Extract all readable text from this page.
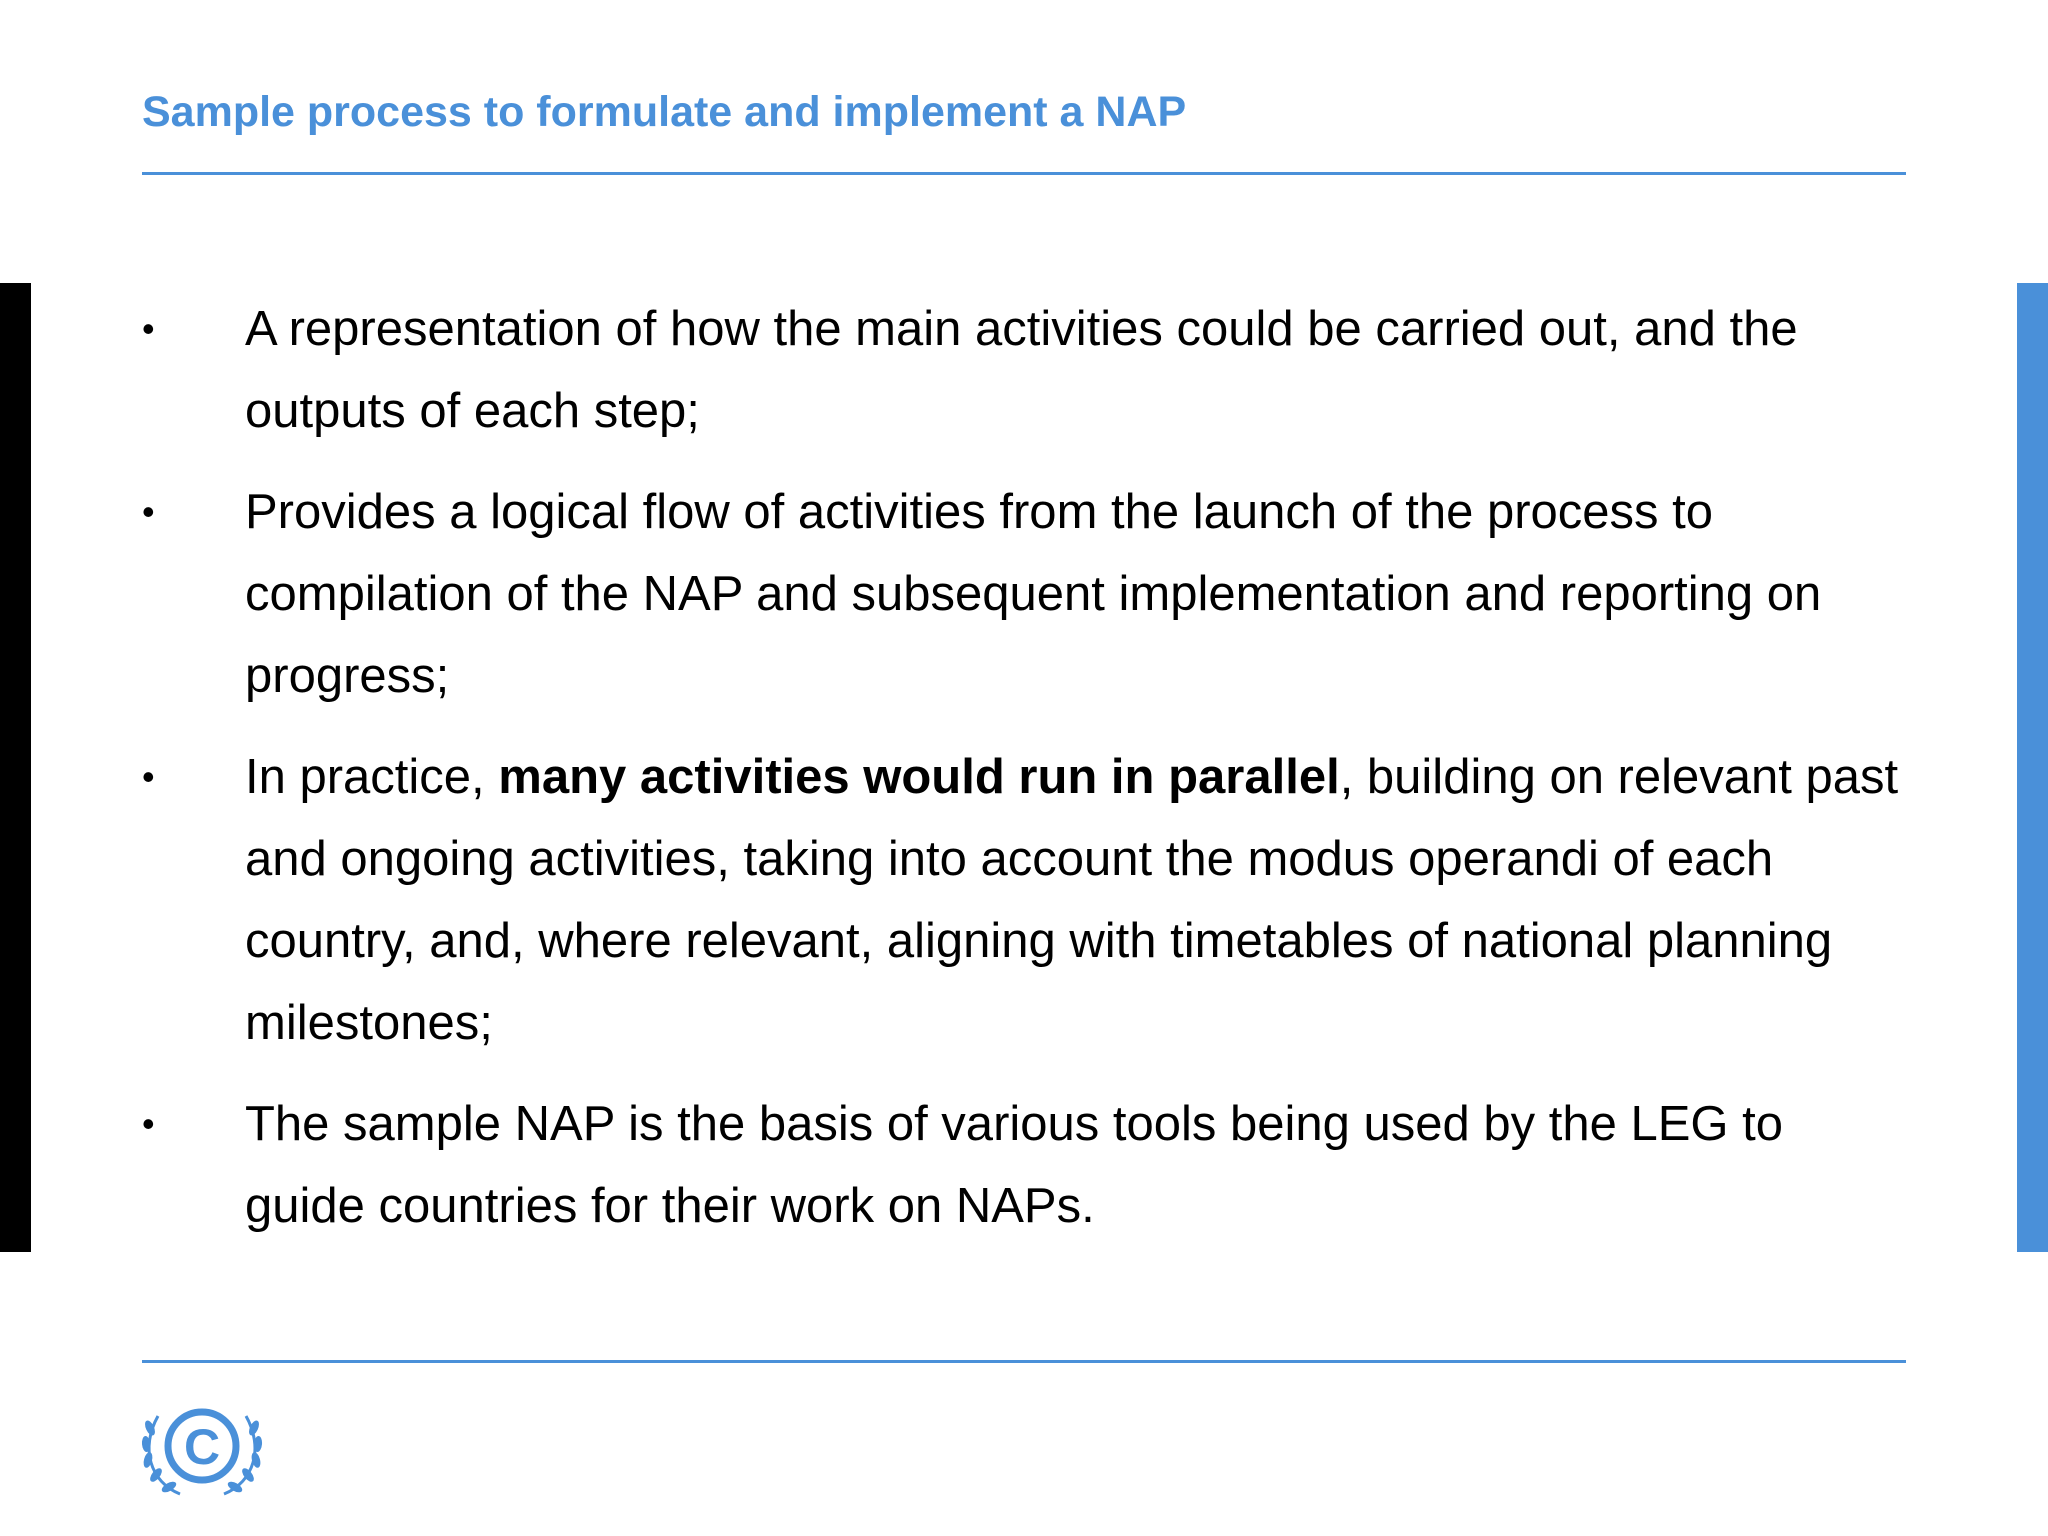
Sample process to formulate and implement a NAP
•	A representation of how the main activities could be carried out, and the outputs of each step;
•	Provides a logical flow of activities from the launch of the process to compilation of the NAP and subsequent implementation and reporting on progress;
•	In practice, many activities would run in parallel, building on relevant past and ongoing activities, taking into account the modus operandi of each country, and, where relevant, aligning with timetables of national planning milestones;
•	The sample NAP is the basis of various tools being used by the LEG to guide countries for their work on NAPs.
C
